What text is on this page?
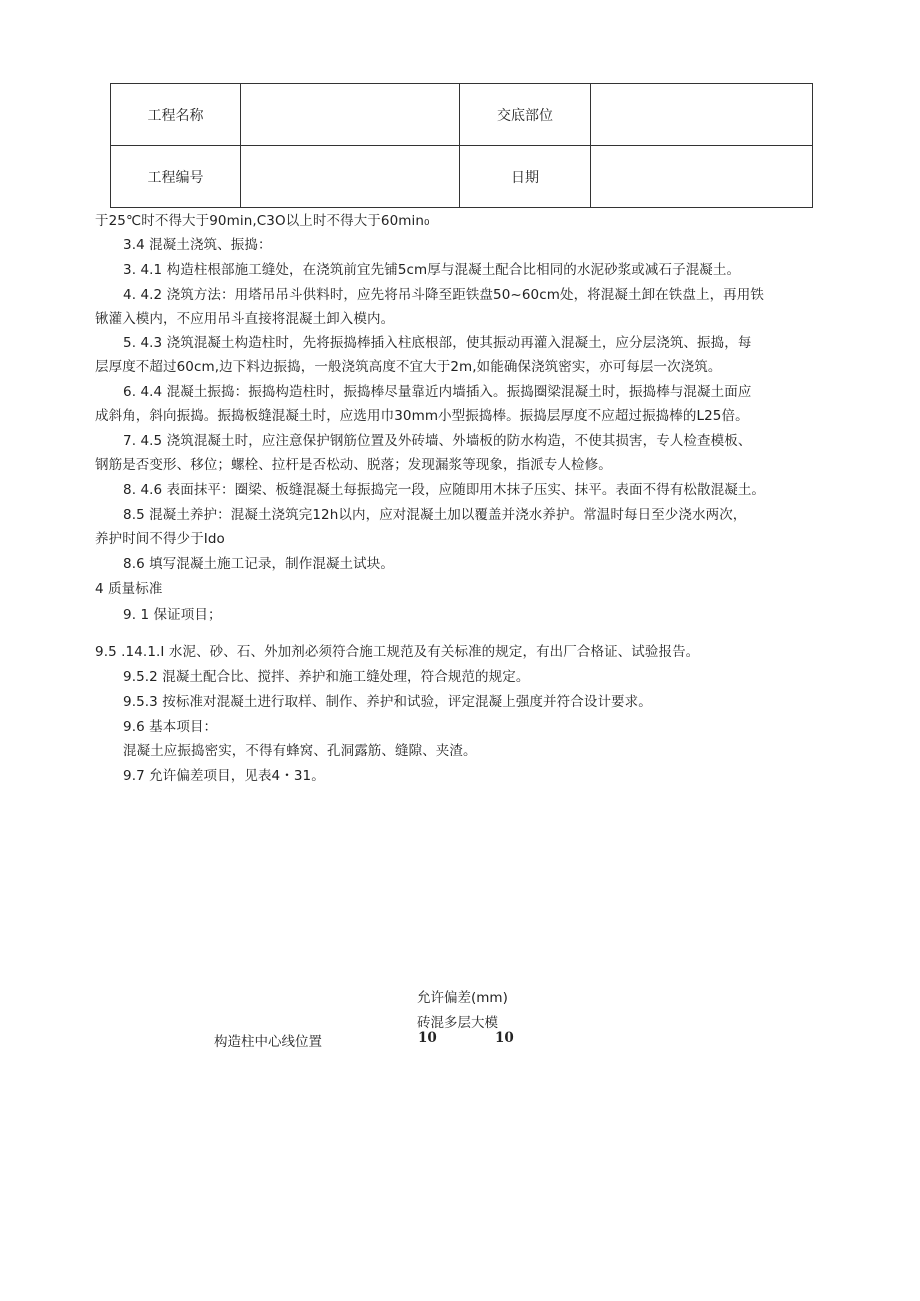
工程名称		交底部位	
工程编号		日期	
于25℃时不得大于90min,C3O以上时不得大于60min₀
3.4 混凝土浇筑、振捣：
3. 4.1 构造柱根部施工缝处，在浇筑前宜先铺5cm厚与混凝土配合比相同的水泥砂浆或减石子混凝土。
4. 4.2 浇筑方法：用塔吊吊斗供料时，应先将吊斗降至距铁盘50~60cm处，将混凝土卸在铁盘上，再用铁
锹灌入模内，不应用吊斗直接将混凝土卸入模内。
5. 4.3 浇筑混凝土构造柱时，先将振捣棒插入柱底根部，使其振动再灌入混凝土，应分层浇筑、振捣，每
层厚度不超过60cm,边下料边振捣，一般浇筑高度不宜大于2m,如能确保浇筑密实，亦可每层一次浇筑。
6. 4.4 混凝土振捣：振捣构造柱时，振捣棒尽量靠近内墙插入。振捣圈梁混凝土时，振捣棒与混凝土面应
成斜角，斜向振捣。振捣板缝混凝土时，应选用巾30mm小型振捣棒。振捣层厚度不应超过振捣棒的L25倍。
7. 4.5 浇筑混凝土时，应注意保护钢筋位置及外砖墙、外墙板的防水构造，不使其损害，专人检查模板、
钢筋是否变形、移位；螺栓、拉杆是否松动、脱落；发现漏浆等现象，指派专人检修。
8. 4.6 表面抹平：圈梁、板缝混凝土每振捣完一段，应随即用木抹子压实、抹平。表面不得有松散混凝土。
8.5 混凝土养护：混凝土浇筑完12h以内，应对混凝土加以覆盖并浇水养护。常温时每日至少浇水两次，
养护时间不得少于Ido
8.6 填写混凝土施工记录，制作混凝土试块。
4 质量标准
9. 1 保证项目；
9.5 .14.1.I 水泥、砂、石、外加剂必须符合施工规范及有关标准的规定，有出厂合格证、试验报告。
9.5.2 混凝土配合比、搅拌、养护和施工缝处理，符合规范的规定。
9.5.3 按标准对混凝土进行取样、制作、养护和试验，评定混凝上强度并符合设计要求。
9.6 基本项目：
混凝土应振捣密实，不得有蜂窝、孔洞露筋、缝隙、夹渣。
9.7 允许偏差项目，见表4・31。
允许偏差(mm)
砖混多层大模
构造柱中心线位置	10	10
